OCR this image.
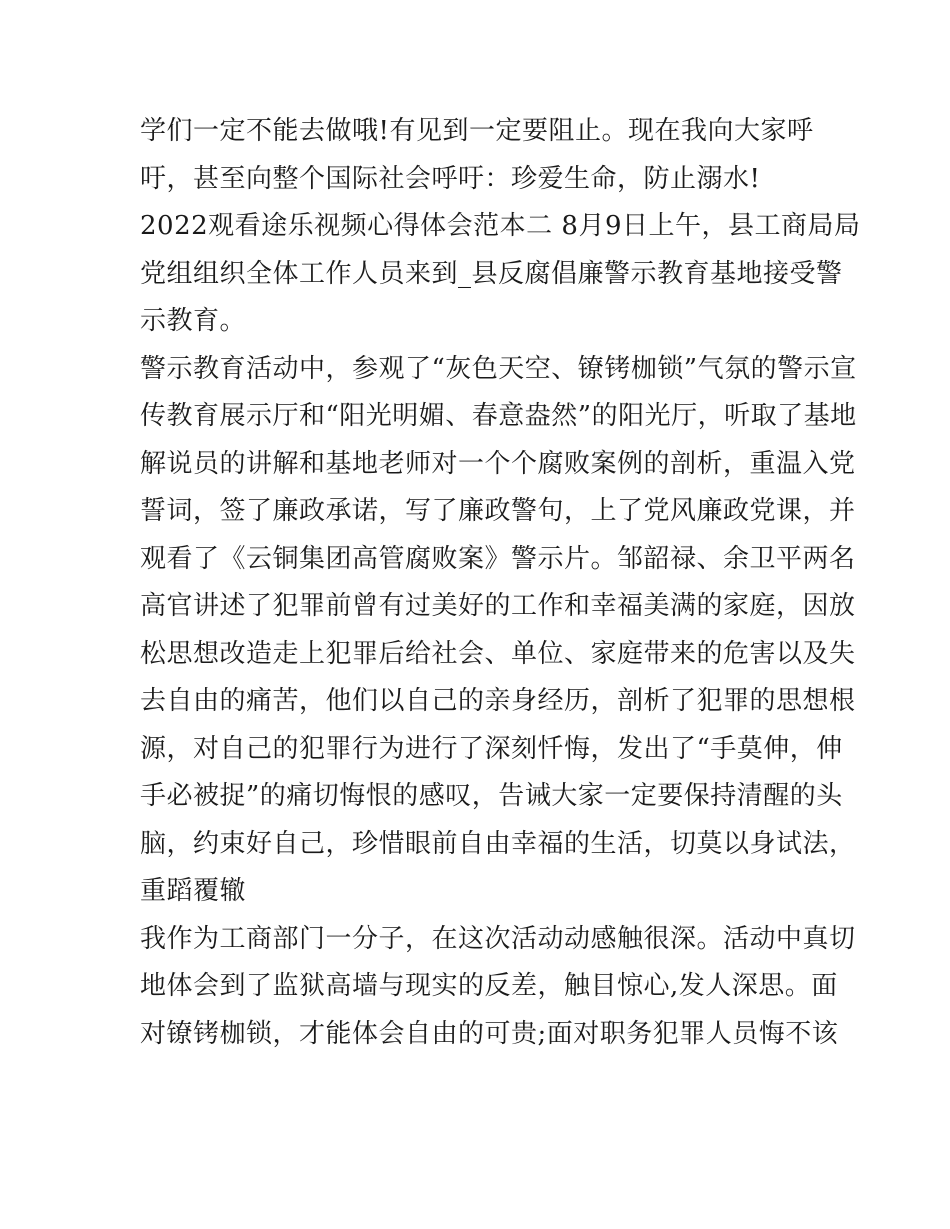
学们一定不能去做哦!有见到一定要阻止。现在我向大家呼
吁，甚至向整个国际社会呼吁：珍爱生命，防止溺水!
2022观看途乐视频心得体会范本二 8月9日上午，县工商局局
党组组织全体工作人员来到_县反腐倡廉警示教育基地接受警
示教育。
警示教育活动中，参观了“灰色天空、镣铐枷锁”气氛的警示宣
传教育展示厅和“阳光明媚、春意盎然”的阳光厅，听取了基地
解说员的讲解和基地老师对一个个腐败案例的剖析，重温入党
誓词，签了廉政承诺，写了廉政警句，上了党风廉政党课，并
观看了《云铜集团高管腐败案》警示片。邹韶禄、余卫平两名
高官讲述了犯罪前曾有过美好的工作和幸福美满的家庭，因放
松思想改造走上犯罪后给社会、单位、家庭带来的危害以及失
去自由的痛苦，他们以自己的亲身经历，剖析了犯罪的思想根
源，对自己的犯罪行为进行了深刻忏悔，发出了“手莫伸，伸
手必被捉”的痛切悔恨的感叹，告诫大家一定要保持清醒的头
脑，约束好自己，珍惜眼前自由幸福的生活，切莫以身试法，
重蹈覆辙
我作为工商部门一分子，在这次活动动感触很深。活动中真切
地体会到了监狱高墙与现实的反差，触目惊心,发人深思。面
对镣铐枷锁，才能体会自由的可贵;面对职务犯罪人员悔不该
